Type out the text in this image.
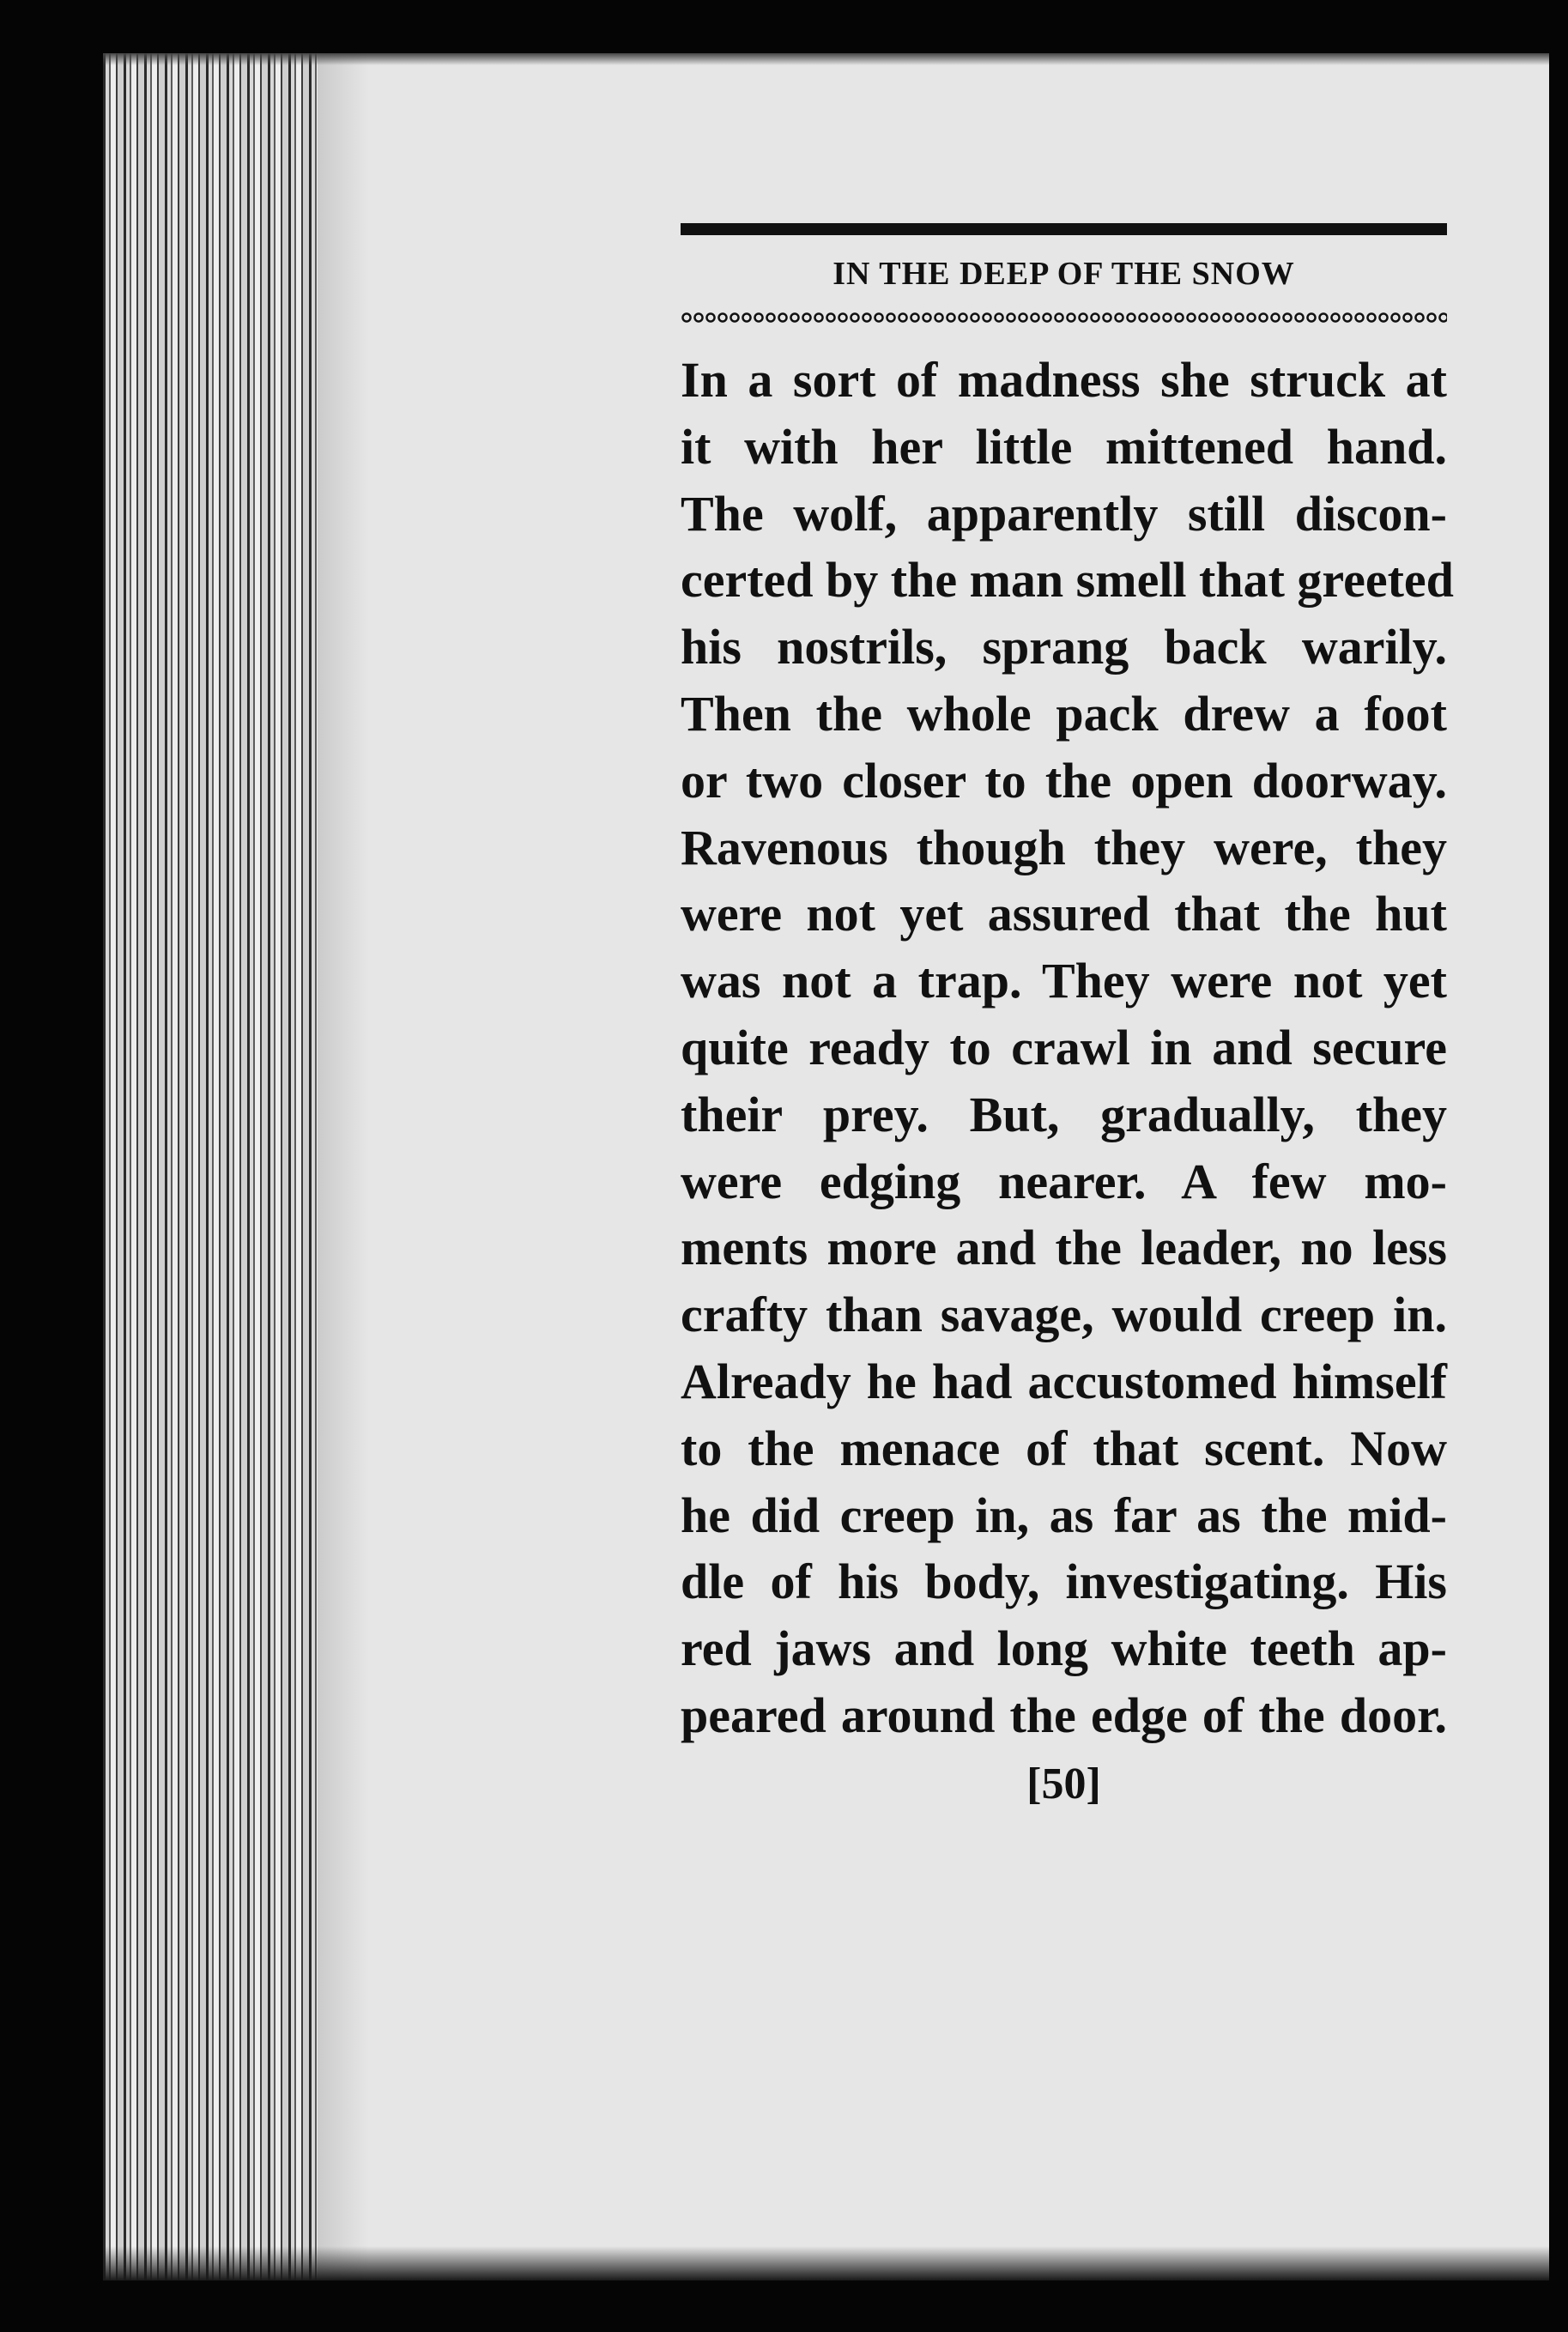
IN THE DEEP OF THE SNOW
In a sort of madness she struck at
it with her little mittened hand.
The wolf, apparently still discon-
certed by the man smell that greeted
his nostrils, sprang back warily.
Then the whole pack drew a foot
or two closer to the open doorway.
Ravenous though they were, they
were not yet assured that the hut
was not a trap. They were not yet
quite ready to crawl in and secure
their prey. But, gradually, they
were edging nearer. A few mo-
ments more and the leader, no less
crafty than savage, would creep in.
Already he had accustomed himself
to the menace of that scent. Now
he did creep in, as far as the mid-
dle of his body, investigating. His
red jaws and long white teeth ap-
peared around the edge of the door.
[50]
